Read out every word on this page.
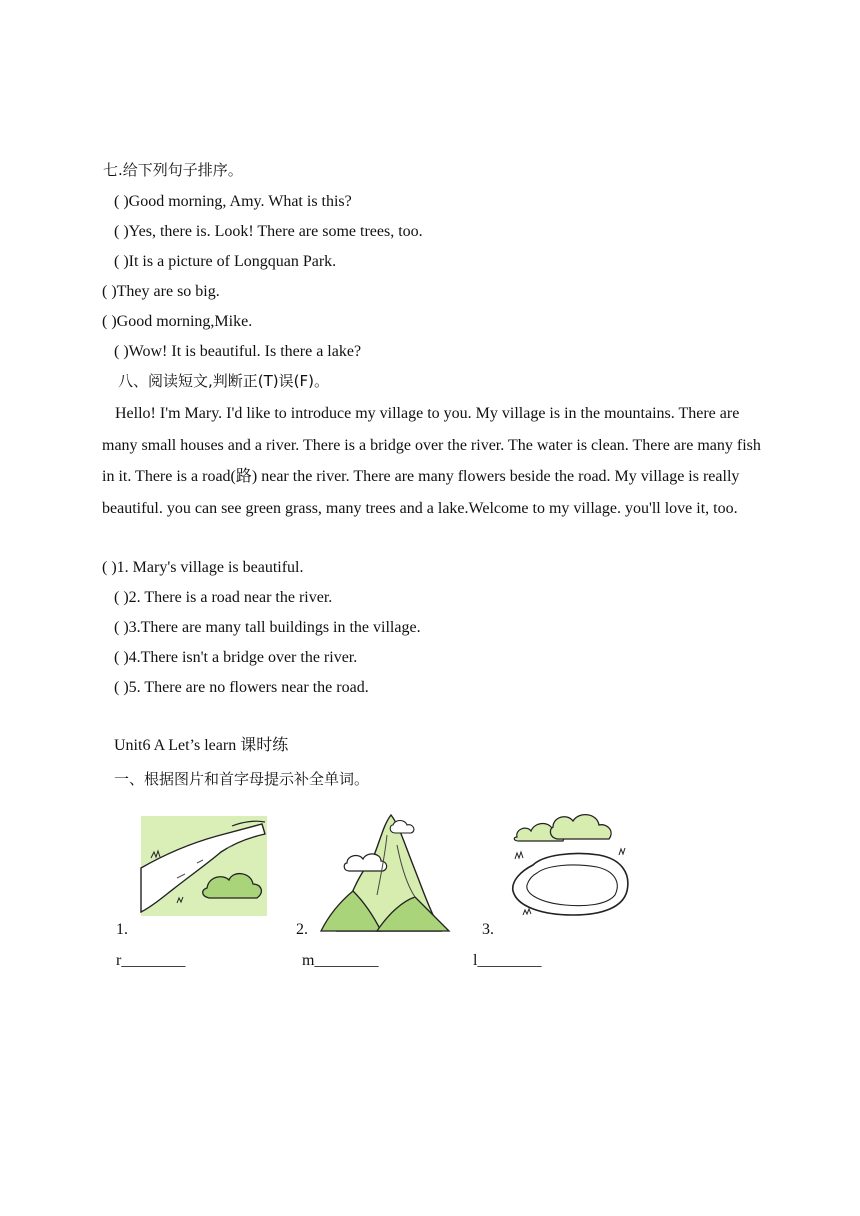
七.给下列句子排序。
( )Good morning, Amy. What is this?
( )Yes, there is. Look! There are some trees, too.
( )It is a picture of Longquan Park.
( )They are so big.
( )Good morning,Mike.
( )Wow! It is beautiful. Is there a lake?
八、阅读短文,判断正(T)误(F)。
Hello! I'm Mary. I'd like to introduce my village to you. My village is in the mountains. There are many small houses and a river. There is a bridge over the river. The water is clean. There are many fish in it. There is a road(路) near the river. There are many flowers beside the road. My village is really beautiful. you can see green grass, many trees and a lake.Welcome to my village. you'll love it, too.
( )1. Mary's village is beautiful.
( )2. There is a road near the river.
( )3.There are many tall buildings in the village.
( )4.There isn't a bridge over the river.
( )5. There are no flowers near the road.
Unit6 A Let’s learn 课时练
一、根据图片和首字母提示补全单词。
1.
r________
2.
m________
3.
l________
